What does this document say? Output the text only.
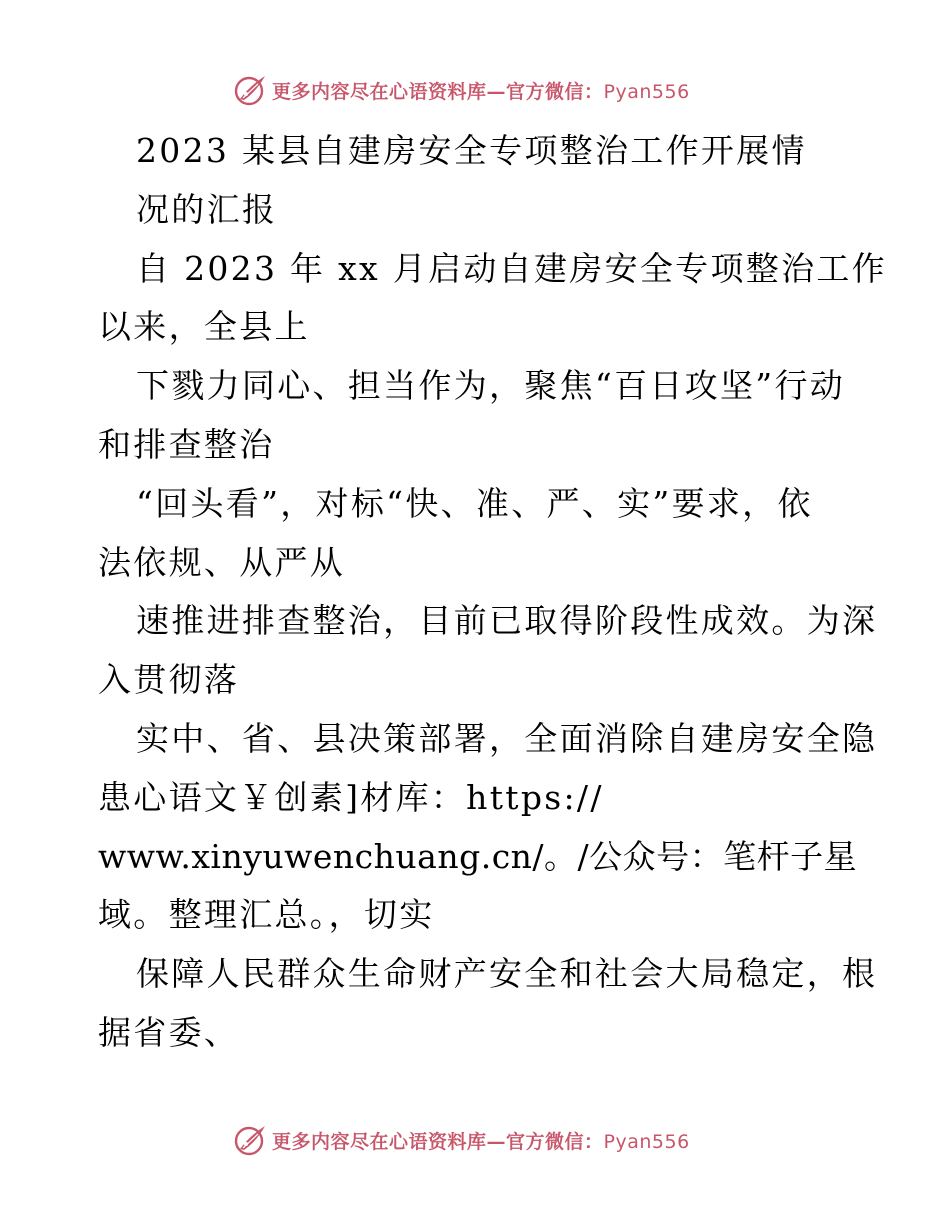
更多内容尽在心语资料库—官方微信：Pyan556
2023 某县自建房安全专项整治工作开展情
况的汇报
自 2023 年 xx 月启动自建房安全专项整治工作
以来，全县上
下戮力同心、担当作为，聚焦“百日攻坚”行动
和排查整治
“回头看”，对标“快、准、严、实”要求，依
法依规、从严从
速推进排查整治，目前已取得阶段性成效。为深
入贯彻落
实中、省、县决策部署，全面消除自建房安全隐
患心语文￥创素]材库：https://
www.xinyuwenchuang.cn/。/公众号：笔杆子星
域。整理汇总。，切实
保障人民群众生命财产安全和社会大局稳定，根
据省委、
更多内容尽在心语资料库—官方微信：Pyan556
